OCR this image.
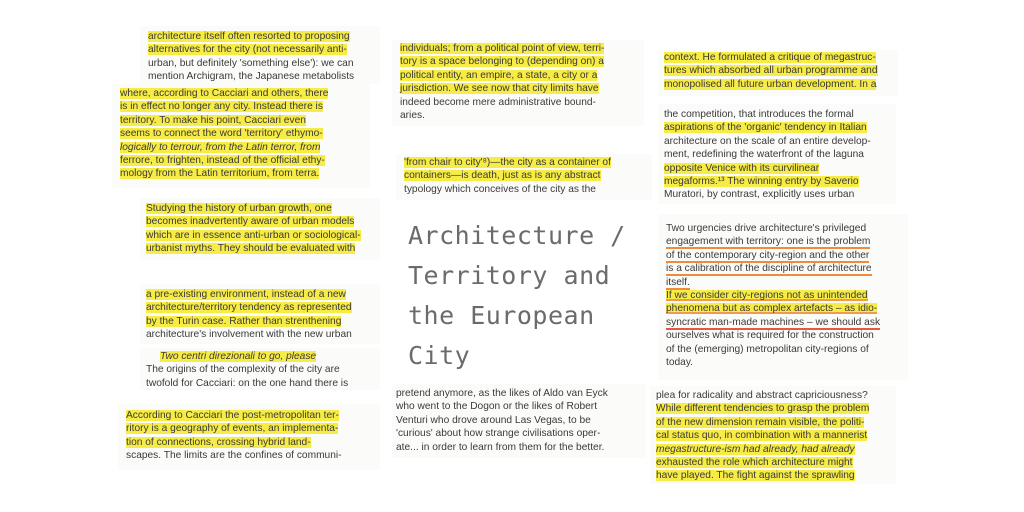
Architecture /
Territory and
the European
City
architecture itself often resorted to proposing
alternatives for the city (not necessarily anti-
urban, but definitely 'something else'): we can
mention Archigram, the Japanese metabolists
where, according to Cacciari and others, there
is in effect no longer any city. Instead there is
territory. To make his point, Cacciari even
seems to connect the word 'territory' ethymo-
logically to terrour, from the Latin terror, from
ferrore, to frighten, instead of the official ethy-
mology from the Latin territorium, from terra.
Studying the history of urban growth, one
becomes inadvertently aware of urban models
which are in essence anti-urban or sociological-
urbanist myths. They should be evaluated with
a pre-existing environment, instead of a new
architecture/territory tendency as represented
by the Turin case. Rather than strenthening
architecture's involvement with the new urban
Two centri direzionali to go, please
The origins of the complexity of the city are
twofold for Cacciari: on the one hand there is
According to Cacciari the post-metropolitan ter-
ritory is a geography of events, an implementa-
tion of connections, crossing hybrid land-
scapes. The limits are the confines of communi-
individuals; from a political point of view, terri-
tory is a space belonging to (depending on) a
political entity, an empire, a state, a city or a
jurisdiction. We see now that city limits have
indeed become mere administrative bound-
aries.
'from chair to city'⁸)—the city as a container of
containers—is death, just as is any abstract
typology which conceives of the city as the
pretend anymore, as the likes of Aldo van Eyck
who went to the Dogon or the likes of Robert
Venturi who drove around Las Vegas, to be
'curious' about how strange civilisations oper-
ate... in order to learn from them for the better.
context. He formulated a critique of megastruc-
tures which absorbed all urban programme and
monopolised all future urban development. In a
the competition, that introduces the formal
aspirations of the 'organic' tendency in Italian
architecture on the scale of an entire develop-
ment, redefining the waterfront of the laguna
opposite Venice with its curvilinear
megaforms.¹³ The winning entry by Saverio
Muratori, by contrast, explicitly uses urban
Two urgencies drive architecture's privileged
engagement with territory: one is the problem
of the contemporary city-region and the other
is a calibration of the discipline of architecture
itself.
If we consider city-regions not as unintended
phenomena but as complex artefacts – as idio-
syncratic man-made machines – we should ask
ourselves what is required for the construction
of the (emerging) metropolitan city-regions of
today.
plea for radicality and abstract capriciousness?
While different tendencies to grasp the problem
of the new dimension remain visible, the politi-
cal status quo, in combination with a mannerist
megastructure-ism had already, had already
exhausted the role which architecture might
have played. The fight against the sprawling
